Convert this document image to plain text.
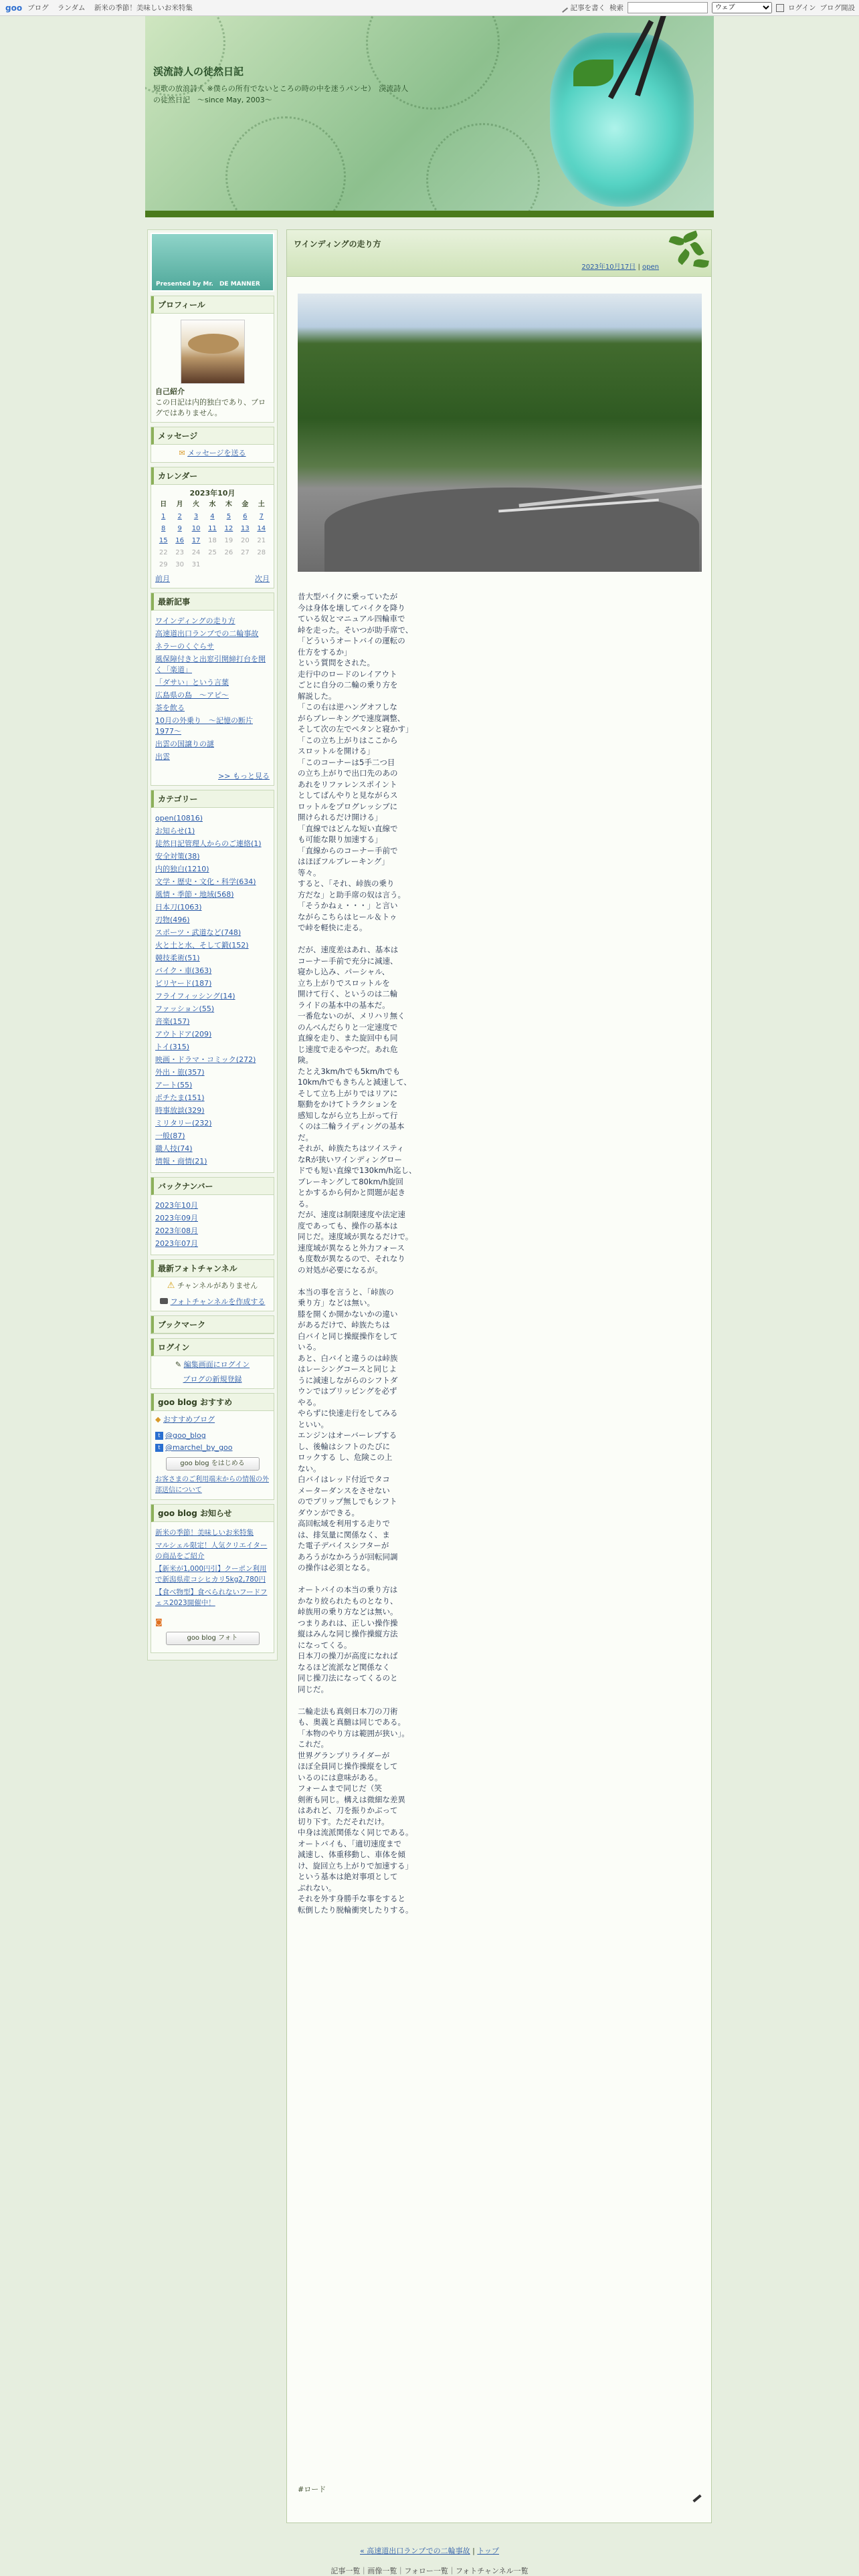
goo ブログ ランダム 新米の季節！美味しいお米特集	記事を書く 検索
ウェブ	ログイン ブログ開設
渓流詩人の徒然日記
短歌の放浪詩人 ※僕らの所有でないところの時の中を迷うパンセ）　渓流詩人の徒然日記　〜since May, 2003〜
Presented by Mr.　DE MANNER
プロフィール
自己紹介
この日記は内的独白であり、ブログではありません。
メッセージ
✉ メッセージを送る
カレンダー
2023年10月
日	月	火	水	木	金	土
1	2	3	4	5	6	7
8	9	10	11	12	13	14
15	16	17	18	19	20	21
22	23	24	25	26	27	28
29	30	31				
前月	次月
最新記事
ワインディングの走り方
高速道出口ランプでの二輪事故
ネラーのくぐらサ
風保障付きと出窓引開締打台を開く「楽道」
「ダサい」という言葉
広島県の島　〜アピ〜
茶を飲る
10月の外乗り　〜記憶の断片1977〜
出雲の国譲りの謎
出雲
>> もっと見る
カテゴリー
open(10816)
お知らせ(1)
徒然日記管理人からのご連絡(1)
安全対策(38)
内的独白(1210)
文学・歴史・文化・科学(634)
風情・季節・地域(568)
日本刀(1063)
刃物(496)
スポーツ・武道など(748)
火と土と水、そして鍛(152)
競技柔術(51)
バイク・車(363)
ビリヤード(187)
フライフィッシング(14)
ファッション(55)
音楽(157)
アウトドア(209)
トイ(315)
映画・ドラマ・コミック(272)
外出・旅(357)
アート(55)
ポチたま(151)
時事放談(329)
ミリタリー(232)
一般(87)
職人技(74)
情報・商情(21)
バックナンバー
2023年10月
2023年09月
2023年08月
2023年07月
最新フォトチャンネル
⚠ チャンネルがありません
フォトチャンネルを作成する
ブックマーク
ログイン
✎ 編集画面にログイン
ブログの新規登録
goo blog おすすめ
◆ おすすめブログ
t @goo_blog
t @marchel_by_goo
goo blog をはじめる
お客さまのご利用端末からの情報の外部送信について
goo blog お知らせ
新米の季節！美味しいお米特集
マルシェル限定！人気クリエイターの商品をご紹介
【新米が1,000円引】クーポン利用で新潟県産コシヒカリ5kg2,780円
【食べ物型】食べられないフードフェス2023開催中！
◙
goo blog フォト
ワインディングの走り方
2023年10月17日 | open
昔大型バイクに乗っていたが
今は身体を壊してバイクを降り
ている奴とマニュアル四輪車で
峠を走った。そいつが助手席で、
「どういうオートバイの運転の
仕方をするか」
という質問をされた。
走行中のロードのレイアウト
ごとに自分の二輪の乗り方を
解説した。
「この右は逆ハングオフしな
がらブレーキングで速度調整、
そして次の左でペタンと寝かす」
「この立ち上がりはここから
スロットルを開ける」
「このコーナーは5手二つ目
の立ち上がりで出口先のあの
あれをリファレンスポイント
としてぱんやりと見ながらス
ロットルをプログレッシブに
開けられるだけ開ける」
「直線ではどんな短い直線で
も可能な限り加速する」
「直線からのコーナー手前で
はほぼフルブレーキング」
等々。
すると、「それ、峠族の乗り
方だな」と助手席の奴は言う。
「そうかねぇ・・・」と言い
ながらこちらはヒール＆トゥ
で峠を軽快に走る。

だが、速度差はあれ、基本は
コーナー手前で充分に減速、
寝かし込み、パーシャル、
立ち上がりでスロットルを
開けて行く、というのは二輪
ライドの基本中の基本だ。
一番危ないのが、メリハリ無く
のんべんだらりと一定速度で
直線を走り、また旋回中も同
じ速度で走るやつだ。あれ危
険。
たとえ3km/hでも5km/hでも
10km/hでもきちんと減速して、
そして立ち上がりではリアに
駆動をかけてトラクションを
感知しながら立ち上がって行
くのは二輪ライディングの基本
だ。
それが、峠族たちはツイスティ
なRが狭いワインディングロー
ドでも短い直線で130km/h迄し、
ブレーキングして80km/h旋回
とかするから何かと問題が起き
る。
だが、速度は制限速度や法定速
度であっても、操作の基本は
同じだ。速度域が異なるだけで。
速度域が異なると外力フォース
も度数が異なるので、それなり
の対処が必要になるが。

本当の事を言うと、「峠族の
乗り方」などは無い。
膝を開くか開かないかの違い
があるだけで、峠族たちは
白バイと同じ操縦操作をして
いる。
あと、白バイと違うのは峠族
はレーシングコースと同じよ
うに減速しながらのシフトダ
ウンではブリッピングを必ず
やる。
やらずに快速走行をしてみる
といい。
エンジンはオーバーレブする
し、後輪はシフトのたびに
ロックする し、危険この上
ない。
白バイはレッド付近でタコ
メーターダンスをさせない
のでブリップ無しでもシフト
ダウンができる。
高回転域を利用する走りで
は、排気量に関係なく、ま
た電子デバイスシフターが
あろうがなかろうが回転同調
の操作は必須となる。

オートバイの本当の乗り方は
かなり絞られたものとなり、
峠族用の乗り方などは無い。
つまりあれは、正しい操作操
縦はみんな同じ操作操縦方法
になってくる。
日本刀の操刀が高度になれば
なるほど流派など関係なく
同じ操刀法になってくるのと
同じだ。

二輪走法も真剣日本刀の刀術
も、奥義と真髄は同じである。
「本物のやり方は範囲が狭い」。
これだ。
世界グランプリライダーが
ほぼ全員同じ操作操縦をして
いるのには意味がある。
フォームまで同じだ（笑
剣術も同じ。構えは微細な差異
はあれど、刀を振りかぶって
切り下す。ただそれだけ。
中身は流派関係なく同じである。
オートバイも、「適切速度まで
減速し、体重移動し、車体を傾
け、旋回立ち上がりで加速する」
という基本は絶対事項として
ぶれない。
それを外す身勝手な事をすると
転倒したり脱輪衝突したりする。
#ロード
« 高速道出口ランプでの二輪事故 | トップ
記事一覧｜画像一覧｜フォロー一覧｜フォトチャンネル一覧
